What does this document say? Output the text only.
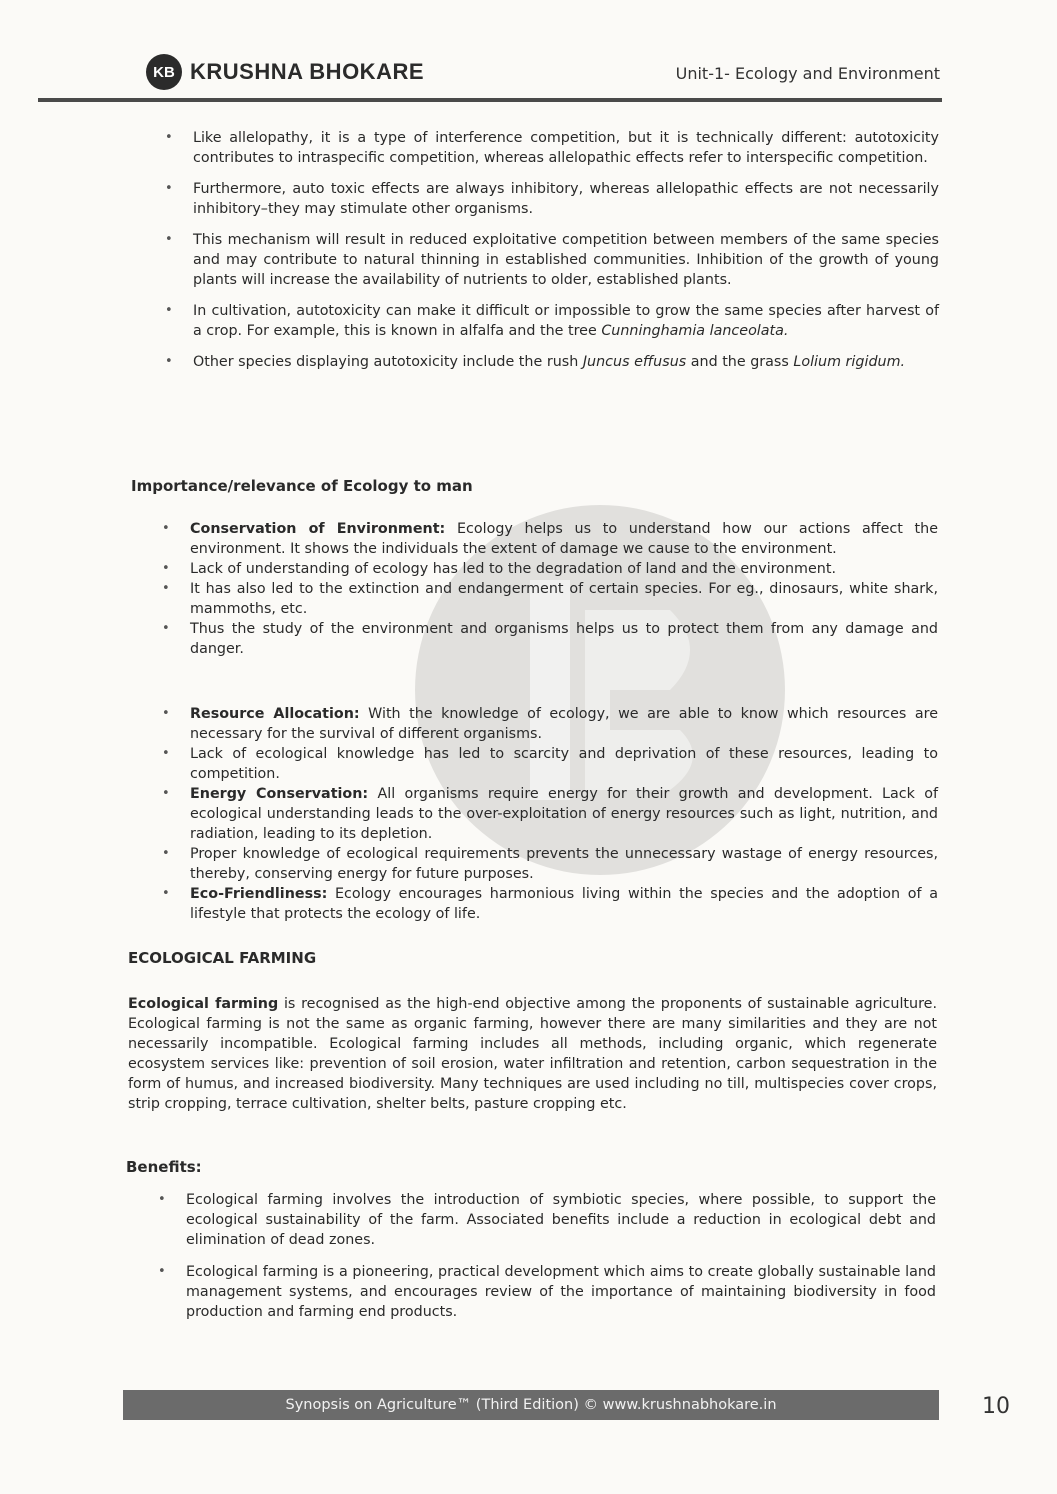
KB KRUSHNA BHOKARE	Unit-1- Ecology and Environment
• Like allelopathy, it is a type of interference competition, but it is technically different: autotoxicity contributes to intraspecific competition, whereas allelopathic effects refer to interspecific competition.
• Furthermore, auto toxic effects are always inhibitory, whereas allelopathic effects are not necessarily inhibitory–they may stimulate other organisms.
• This mechanism will result in reduced exploitative competition between members of the same species and may contribute to natural thinning in established communities. Inhibition of the growth of young plants will increase the availability of nutrients to older, established plants.
• In cultivation, autotoxicity can make it difficult or impossible to grow the same species after harvest of a crop. For example, this is known in alfalfa and the tree Cunninghamia lanceolata.
• Other species displaying autotoxicity include the rush Juncus effusus and the grass Lolium rigidum.
Importance/relevance of Ecology to man
• Conservation of Environment: Ecology helps us to understand how our actions affect the environment. It shows the individuals the extent of damage we cause to the environment.
• Lack of understanding of ecology has led to the degradation of land and the environment.
• It has also led to the extinction and endangerment of certain species. For eg., dinosaurs, white shark, mammoths, etc.
• Thus the study of the environment and organisms helps us to protect them from any damage and danger.
• Resource Allocation: With the knowledge of ecology, we are able to know which resources are necessary for the survival of different organisms.
• Lack of ecological knowledge has led to scarcity and deprivation of these resources, leading to competition.
• Energy Conservation: All organisms require energy for their growth and development. Lack of ecological understanding leads to the over-exploitation of energy resources such as light, nutrition, and radiation, leading to its depletion.
• Proper knowledge of ecological requirements prevents the unnecessary wastage of energy resources, thereby, conserving energy for future purposes.
• Eco-Friendliness: Ecology encourages harmonious living within the species and the adoption of a lifestyle that protects the ecology of life.
ECOLOGICAL FARMING
Ecological farming is recognised as the high-end objective among the proponents of sustainable agriculture. Ecological farming is not the same as organic farming, however there are many similarities and they are not necessarily incompatible. Ecological farming includes all methods, including organic, which regenerate ecosystem services like: prevention of soil erosion, water infiltration and retention, carbon sequestration in the form of humus, and increased biodiversity. Many techniques are used including no till, multispecies cover crops, strip cropping, terrace cultivation, shelter belts, pasture cropping etc.
Benefits:
• Ecological farming involves the introduction of symbiotic species, where possible, to support the ecological sustainability of the farm. Associated benefits include a reduction in ecological debt and elimination of dead zones.
• Ecological farming is a pioneering, practical development which aims to create globally sustainable land management systems, and encourages review of the importance of maintaining biodiversity in food production and farming end products.
Synopsis on Agriculture™ (Third Edition) © www.krushnabhokare.in	10
